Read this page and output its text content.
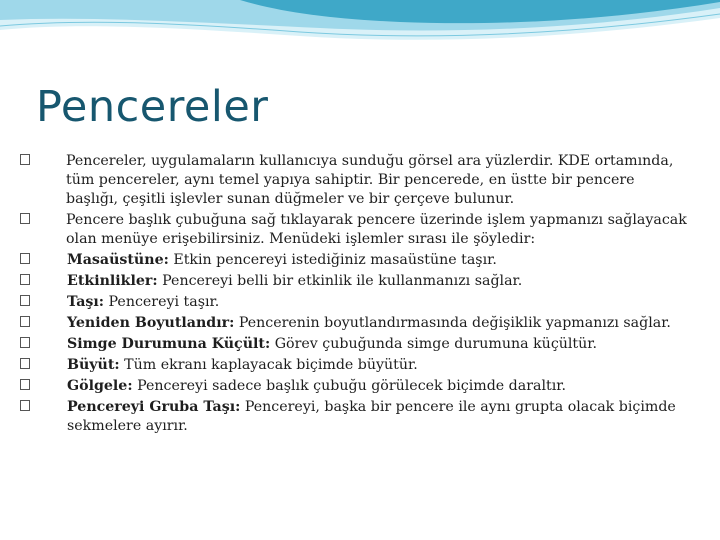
Pencereler
Pencereler, uygulamaların kullanıcıya sunduğu görsel ara yüzlerdir. KDE ortamında, tüm pencereler, aynı temel yapıya sahiptir. Bir pencerede, en üstte bir pencere başlığı, çeşitli işlevler sunan düğmeler ve bir çerçeve bulunur.
Pencere başlık çubuğuna sağ tıklayarak pencere üzerinde işlem yapmanızı sağlayacak olan menüye erişebilirsiniz. Menüdeki işlemler sırası ile şöyledir:
Masaüstüne: Etkin pencereyi istediğiniz masaüstüne taşır.
Etkinlikler: Pencereyi belli bir etkinlik ile kullanmanızı sağlar.
Taşı: Pencereyi taşır.
Yeniden Boyutlandır: Pencerenin boyutlandırmasında değişiklik yapmanızı sağlar.
Simge Durumuna Küçült: Görev çubuğunda simge durumuna küçültür.
Büyüt: Tüm ekranı kaplayacak biçimde büyütür.
Gölgele: Pencereyi sadece başlık çubuğu görülecek biçimde daraltır.
Pencereyi Gruba Taşı: Pencereyi, başka bir pencere ile aynı grupta olacak biçimde sekmelere ayırır.
